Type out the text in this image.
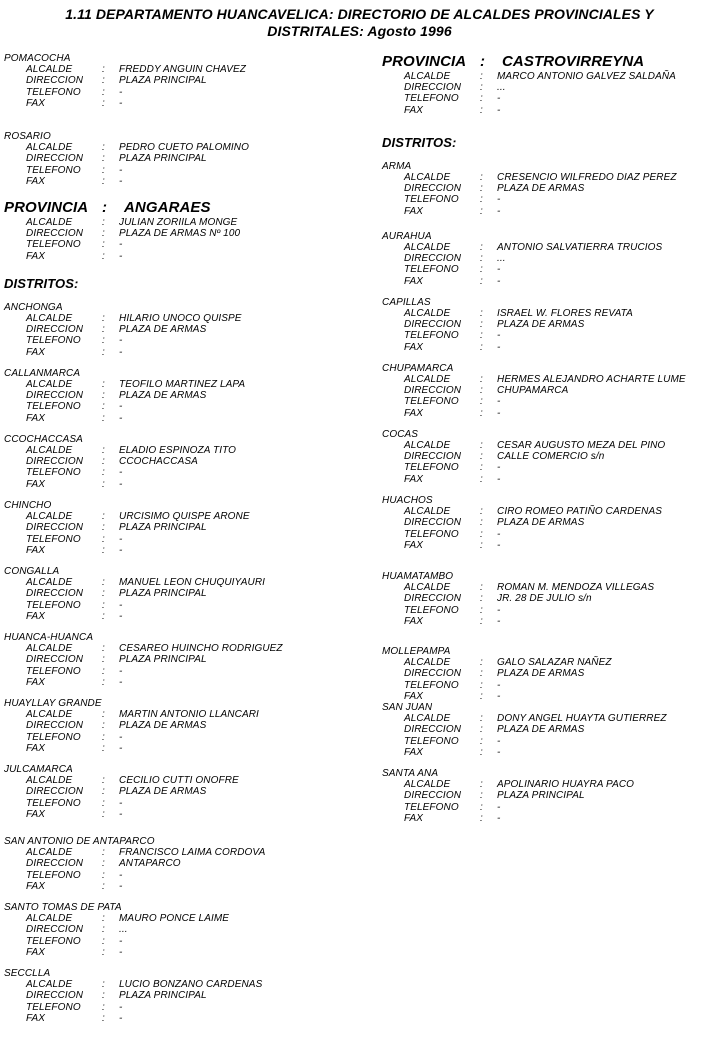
1.11 DEPARTAMENTO HUANCAVELICA: DIRECTORIO DE ALCALDES PROVINCIALES Y
DISTRITALES: Agosto 1996
POMACOCHA
ALCALDE	:	FREDDY ANGUIN CHAVEZ
DIRECCION	:	PLAZA PRINCIPAL
TELEFONO	:	-
FAX	:	-
ROSARIO
ALCALDE	:	PEDRO CUETO PALOMINO
DIRECCION	:	PLAZA PRINCIPAL
TELEFONO	:	-
FAX	:	-
PROVINCIA :	ANGARAES
ALCALDE	:	JULIAN ZORIILA MONGE
DIRECCION	:	PLAZA DE ARMAS Nº 100
TELEFONO	:	-
FAX	:	-
DISTRITOS:
ANCHONGA
ALCALDE	:	HILARIO UNOCO QUISPE
DIRECCION	:	PLAZA DE ARMAS
TELEFONO	:	-
FAX	:	-
CALLANMARCA
ALCALDE	:	TEOFILO MARTINEZ LAPA
DIRECCION	:	PLAZA DE ARMAS
TELEFONO	:	-
FAX	:	-
CCOCHACCASA
ALCALDE	:	ELADIO ESPINOZA TITO
DIRECCION	:	CCOCHACCASA
TELEFONO	:	-
FAX	:	-
CHINCHO
ALCALDE	:	URCISIMO QUISPE ARONE
DIRECCION	:	PLAZA PRINCIPAL
TELEFONO	:	-
FAX	:	-
CONGALLA
ALCALDE	:	MANUEL LEON CHUQUIYAURI
DIRECCION	:	PLAZA PRINCIPAL
TELEFONO	:	-
FAX	:	-
HUANCA-HUANCA
ALCALDE	:	CESAREO HUINCHO RODRIGUEZ
DIRECCION	:	PLAZA PRINCIPAL
TELEFONO	:	-
FAX	:	-
HUAYLLAY GRANDE
ALCALDE	:	MARTIN ANTONIO LLANCARI
DIRECCION	:	PLAZA DE ARMAS
TELEFONO	:	-
FAX	:	-
JULCAMARCA
ALCALDE	:	CECILIO CUTTI ONOFRE
DIRECCION	:	PLAZA DE ARMAS
TELEFONO	:	-
FAX	:	-
SAN ANTONIO DE ANTAPARCO
ALCALDE	:	FRANCISCO LAIMA CORDOVA
DIRECCION	:	ANTAPARCO
TELEFONO	:	-
FAX	:	-
SANTO TOMAS DE PATA
ALCALDE	:	MAURO PONCE LAIME
DIRECCION	:	...
TELEFONO	:	-
FAX	:	-
SECCLLA
ALCALDE	:	LUCIO BONZANO CARDENAS
DIRECCION	:	PLAZA PRINCIPAL
TELEFONO	:	-
FAX	:	-
PROVINCIA :	CASTROVIRREYNA
ALCALDE	:	MARCO ANTONIO GALVEZ SALDAÑA
DIRECCION	:	...
TELEFONO	:	-
FAX	:	-
DISTRITOS:
ARMA
ALCALDE	:	CRESENCIO WILFREDO DIAZ PEREZ
DIRECCION	:	PLAZA DE ARMAS
TELEFONO	:	-
FAX	:	-
AURAHUA
ALCALDE	:	ANTONIO SALVATIERRA TRUCIOS
DIRECCION	:	...
TELEFONO	:	-
FAX	:	-
CAPILLAS
ALCALDE	:	ISRAEL W. FLORES REVATA
DIRECCION	:	PLAZA DE ARMAS
TELEFONO	:	-
FAX	:	-
CHUPAMARCA
ALCALDE	:	HERMES ALEJANDRO ACHARTE LUME
DIRECCION	:	CHUPAMARCA
TELEFONO	:	-
FAX	:	-
COCAS
ALCALDE	:	CESAR AUGUSTO MEZA DEL PINO
DIRECCION	:	CALLE COMERCIO s/n
TELEFONO	:	-
FAX	:	-
HUACHOS
ALCALDE	:	CIRO ROMEO PATIÑO CARDENAS
DIRECCION	:	PLAZA DE ARMAS
TELEFONO	:	-
FAX	:	-
HUAMATAMBO
ALCALDE	:	ROMAN M. MENDOZA VILLEGAS
DIRECCION	:	JR. 28 DE JULIO s/n
TELEFONO	:	-
FAX	:	-
MOLLEPAMPA
ALCALDE	:	GALO SALAZAR NAÑEZ
DIRECCION	:	PLAZA DE ARMAS
TELEFONO	:	-
FAX	:	-
SAN JUAN
ALCALDE	:	DONY ANGEL HUAYTA GUTIERREZ
DIRECCION	:	PLAZA DE ARMAS
TELEFONO	:	-
FAX	:	-
SANTA ANA
ALCALDE	:	APOLINARIO HUAYRA PACO
DIRECCION	:	PLAZA PRINCIPAL
TELEFONO	:	-
FAX	:	-
